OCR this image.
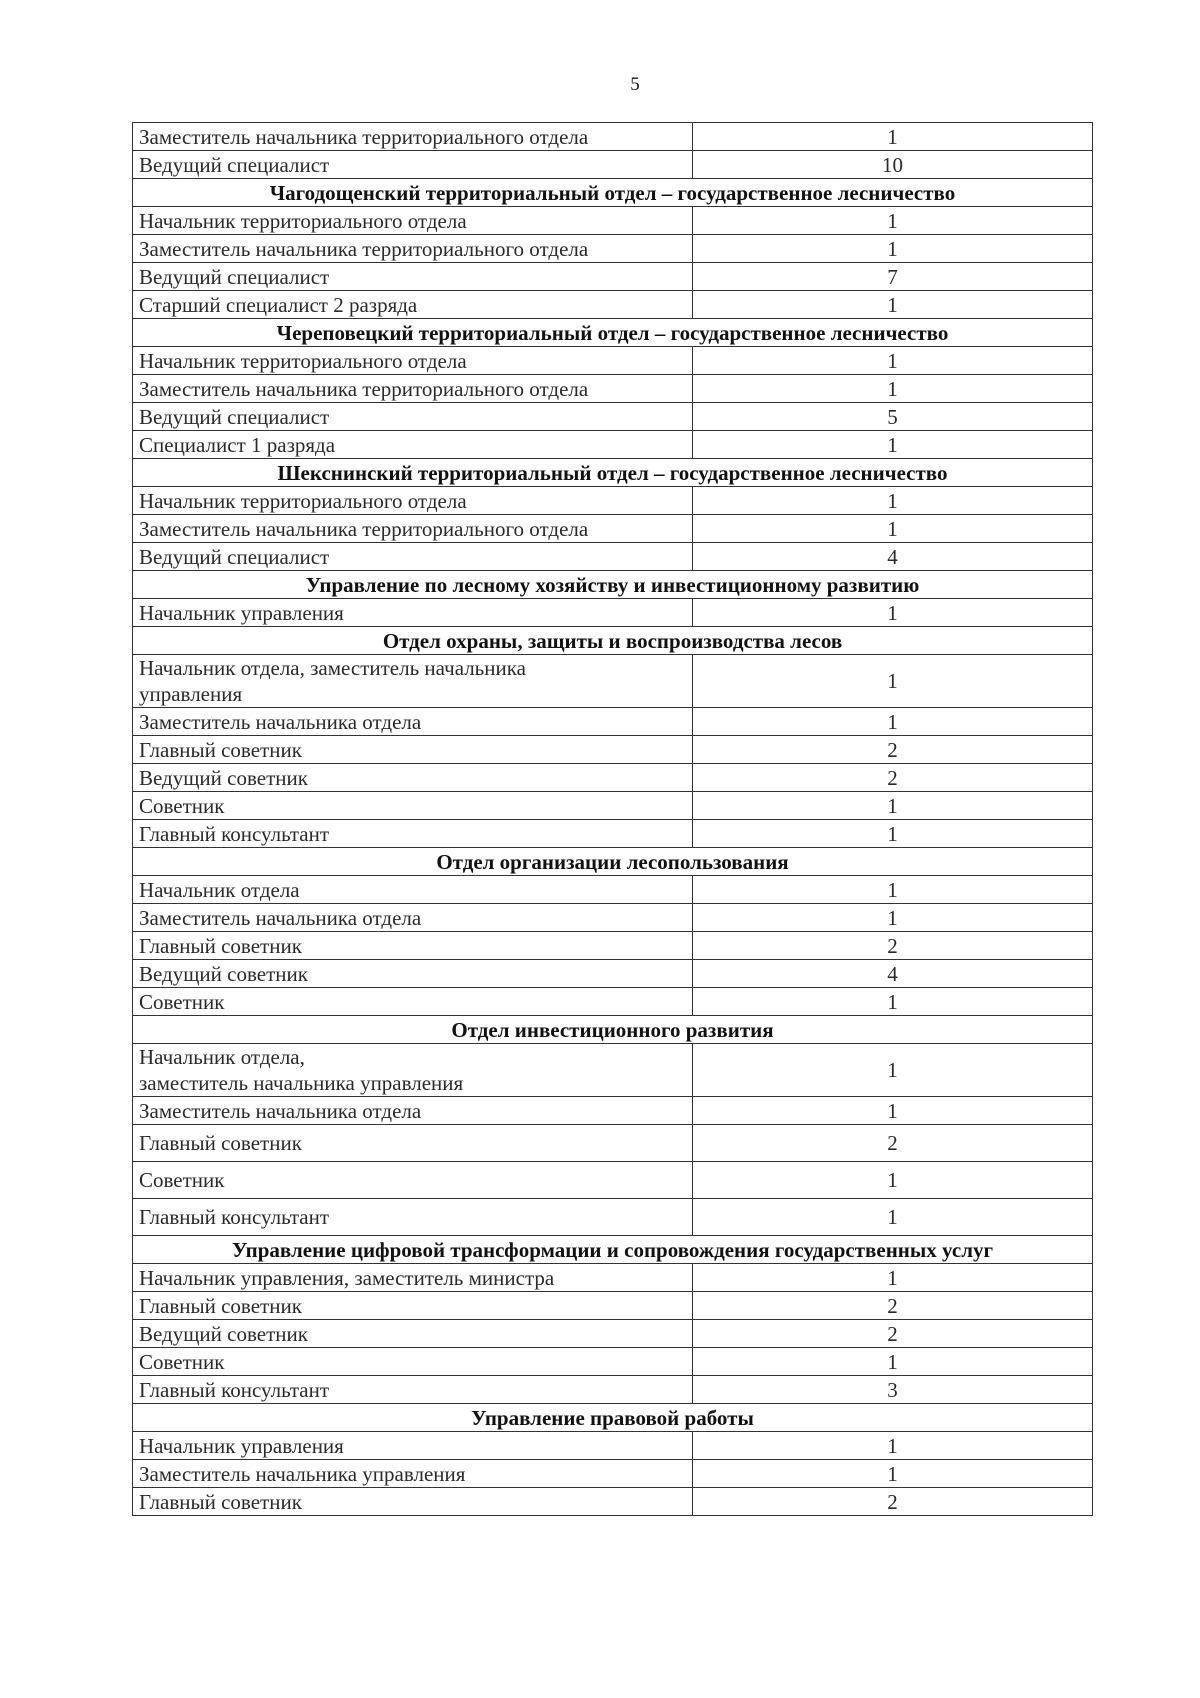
5
Заместитель начальника территориального отдела	1
Ведущий специалист	10
Чагодощенский территориальный отдел – государственное лесничество	
Начальник территориального отдела	1
Заместитель начальника территориального отдела	1
Ведущий специалист	7
Старший специалист 2 разряда	1
Череповецкий территориальный отдел – государственное лесничество	
Начальник территориального отдела	1
Заместитель начальника территориального отдела	1
Ведущий специалист	5
Специалист 1 разряда	1
Шекснинский территориальный отдел – государственное лесничество	
Начальник территориального отдела	1
Заместитель начальника территориального отдела	1
Ведущий специалист	4
Управление по лесному хозяйству и инвестиционному развитию	
Начальник управления	1
Отдел охраны, защиты и воспроизводства лесов	
Начальник отдела, заместитель начальника
управления	1
Заместитель начальника отдела	1
Главный советник	2
Ведущий советник	2
Советник	1
Главный консультант	1
Отдел организации лесопользования	
Начальник отдела	1
Заместитель начальника отдела	1
Главный советник	2
Ведущий советник	4
Советник	1
Отдел инвестиционного развития	
Начальник отдела,
заместитель начальника управления	1
Заместитель начальника отдела	1
Главный советник	2
Советник	1
Главный консультант	1
Управление цифровой трансформации и сопровождения государственных услуг	
Начальник управления, заместитель министра	1
Главный советник	2
Ведущий советник	2
Советник	1
Главный консультант	3
Управление правовой работы	
Начальник управления	1
Заместитель начальника управления	1
Главный советник	2
